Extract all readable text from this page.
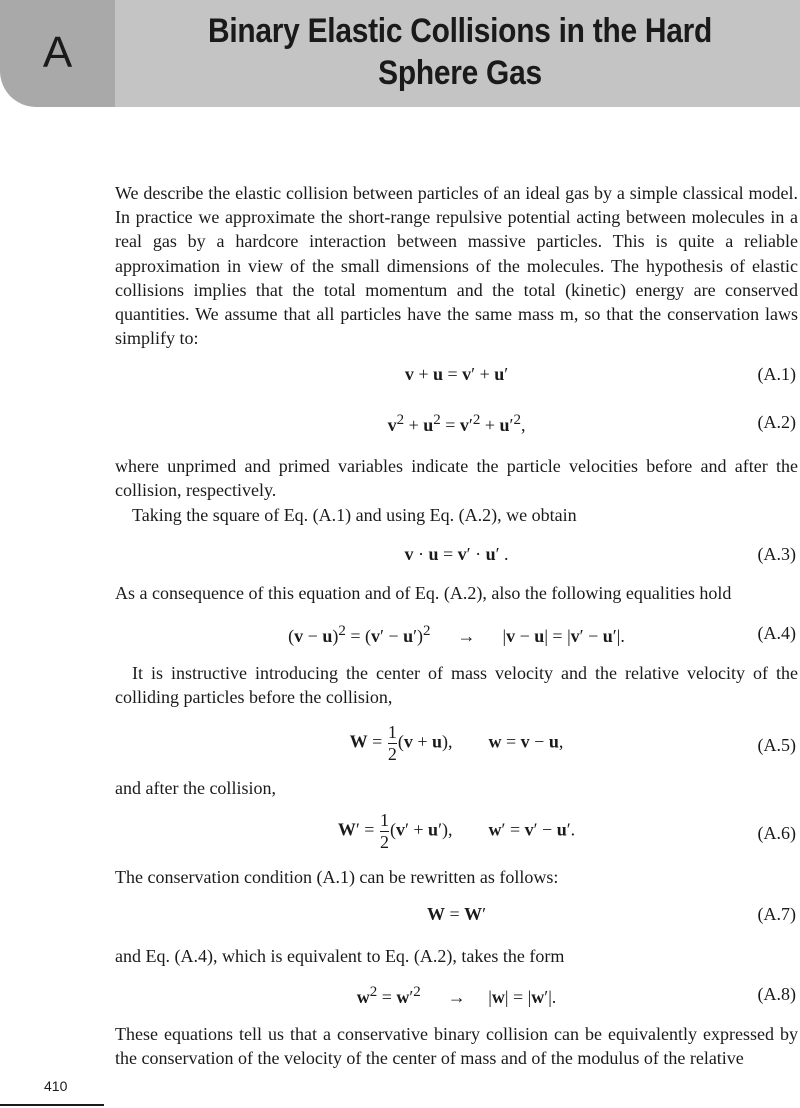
A	Binary Elastic Collisions in the Hard Sphere Gas

We describe the elastic collision between particles of an ideal gas by a simple classical model. In practice we approximate the short-range repulsive potential acting between molecules in a real gas by a hardcore interaction between massive particles. This is quite a reliable approximation in view of the small dimensions of the molecules. The hypothesis of elastic collisions implies that the total momentum and the total (kinetic) energy are conserved quantities. We assume that all particles have the same mass m, so that the conservation laws simplify to:

v + u = v′ + u′	(A.1)
$v^2 + u^2 = v'^2 + u'^2$,	(A.2)

where unprimed and primed variables indicate the particle velocities before and after the collision, respectively.

Taking the square of Eq. (A.1) and using Eq. (A.2), we obtain

v · u = v′ · u′ .	(A.3)

As a consequence of this equation and of Eq. (A.2), also the following equalities hold

$(v - u)^2 = (v' - u')^2$      →      |v − u| = |v′ − u′|.	(A.4)

It is instructive introducing the center of mass velocity and the relative velocity of the colliding particles before the collision,

$W = \frac{1}{2} (v + u)$,        w = v − u,	(A.5)

and after the collision,

$W' = \frac{1}{2} (v' + u')$,        w′ = v′ − u′.	(A.6)

The conservation condition (A.1) can be rewritten as follows:

W = W′	(A.7)

and Eq. (A.4), which is equivalent to Eq. (A.2), takes the form

$w^2 = w'^2$      →     |w| = |w′|.	(A.8)

These equations tell us that a conservative binary collision can be equivalently expressed by the conservation of the velocity of the center of mass and of the modulus of the relative

410
